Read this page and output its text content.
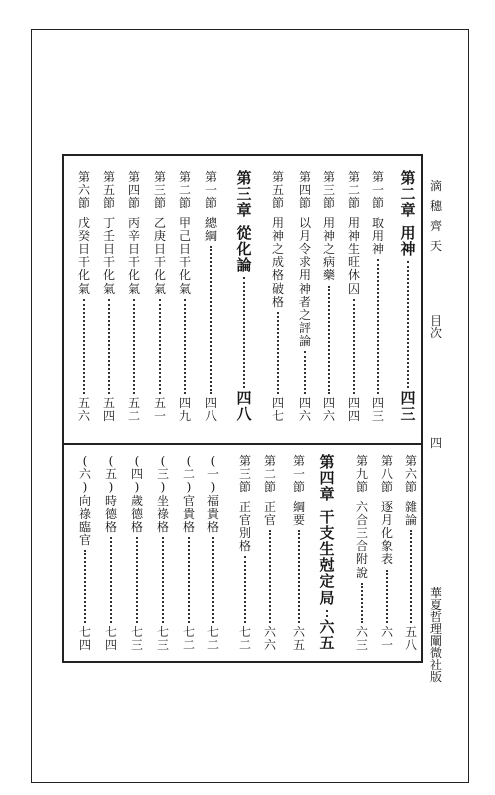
滴
穗
齊
天
目
次
四
華
夏
哲
理
闡
微
社
版
第
二
章
用
神
四
三
第
一
節
取
用
神
四
三
第
二
節
用
神
生
旺
休
囚
四
四
第
三
節
用
神
之
病
藥
四
六
第
四
節
以
月
令
求
用
神
者
之
評
論
四
六
第
五
節
用
神
之
成
格
破
格
四
七
第
三
章
從
化
論
四
八
第
一
節
總
綱
四
八
第
二
節
甲
己
日
干
化
氣
四
九
第
三
節
乙
庚
日
干
化
氣
五
一
第
四
節
丙
辛
日
干
化
氣
五
二
第
五
節
丁
壬
日
干
化
氣
五
四
第
六
節
戊
癸
日
干
化
氣
五
六
第
六
節
雜
論
五
八
第
八
節
逐
月
化
象
表
六
一
第
九
節
六
合
三
合
附
說
六
三
第
四
章
干
支
生
尅
定
局
六
五
第
一
節
綱
要
六
五
第
二
節
正
官
六
六
第
三
節
正
官
別
格
七
二
(
一
)
福
貴
格
七
二
(
二
)
官
貴
格
七
二
(
三
)
坐
祿
格
七
三
(
四
)
歲
德
格
七
三
(
五
)
時
德
格
七
四
(
六
)
向
祿
臨
官
七
四
